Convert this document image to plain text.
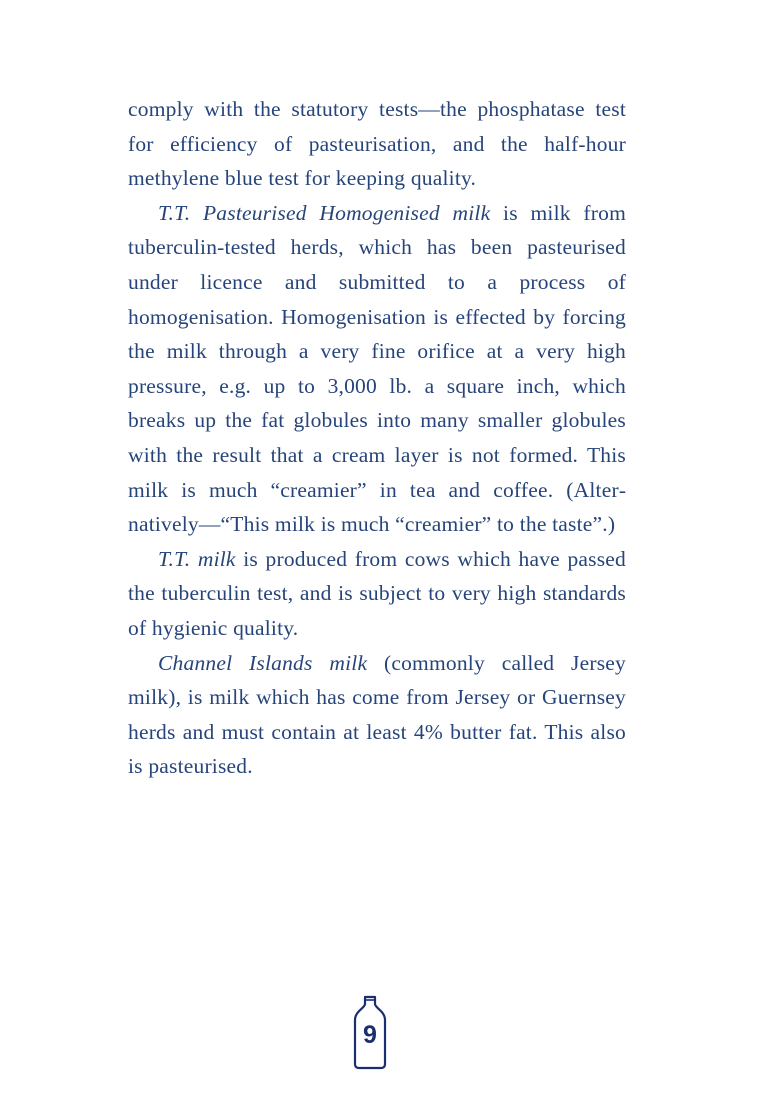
comply with the statutory tests—the phosphatase test for efficiency of pasteurisation, and the half-hour methylene blue test for keeping quality.

T.T. Pasteurised Homogenised milk is milk from tuberculin-tested herds, which has been pasteurised under licence and submitted to a process of homogenisation. Homogenisation is effected by forcing the milk through a very fine orifice at a very high pressure, e.g. up to 3,000 lb. a square inch, which breaks up the fat globules into many smaller globules with the result that a cream layer is not formed. This milk is much “creamier” in tea and coffee. (Alternatively—“This milk is much “creamier” to the taste”.)

T.T. milk is produced from cows which have passed the tuberculin test, and is subject to very high standards of hygienic quality.

Channel Islands milk (commonly called Jersey milk), is milk which has come from Jersey or Guernsey herds and must contain at least 4% butter fat. This also is pasteurised.

9
